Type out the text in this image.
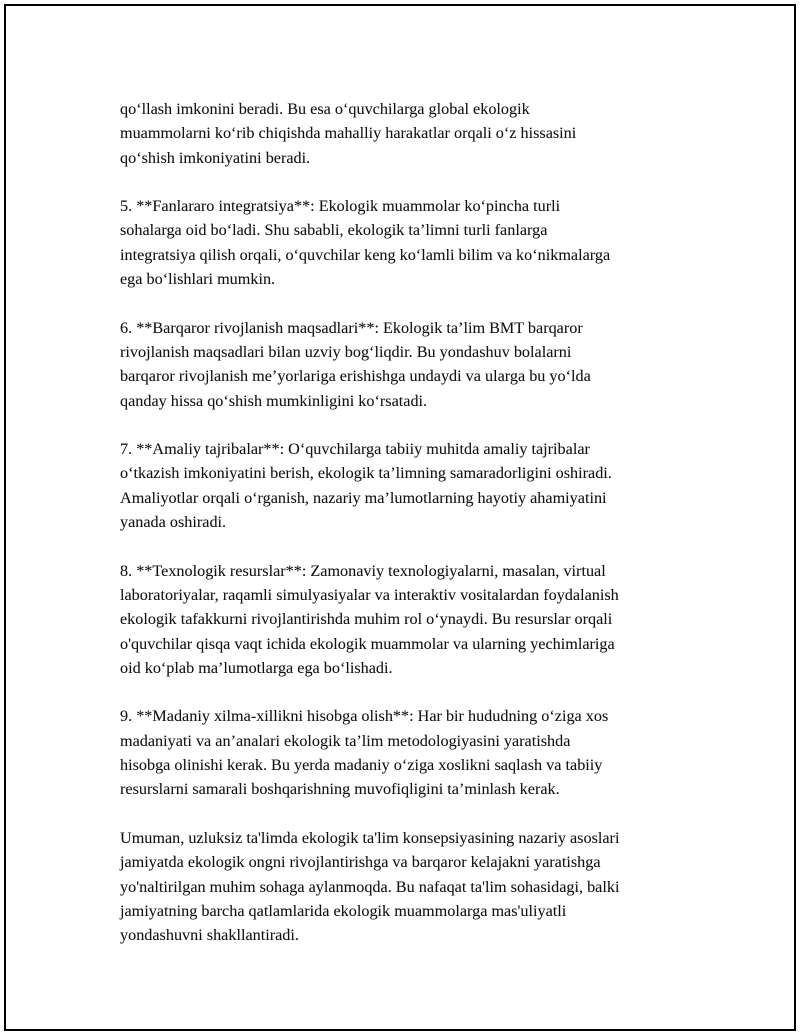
qo‘llash imkonini beradi. Bu esa o‘quvchilarga global ekologik
muammolarni ko‘rib chiqishda mahalliy harakatlar orqali o‘z hissasini
qo‘shish imkoniyatini beradi.

5. **Fanlararo integratsiya**: Ekologik muammolar ko‘pincha turli
sohalarga oid bo‘ladi. Shu sababli, ekologik ta’limni turli fanlarga
integratsiya qilish orqali, o‘quvchilar keng ko‘lamli bilim va ko‘nikmalarga
ega bo‘lishlari mumkin.

6. **Barqaror rivojlanish maqsadlari**: Ekologik ta’lim BMT barqaror
rivojlanish maqsadlari bilan uzviy bog‘liqdir. Bu yondashuv bolalarni
barqaror rivojlanish me’yorlariga erishishga undaydi va ularga bu yo‘lda
qanday hissa qo‘shish mumkinligini ko‘rsatadi.

7. **Amaliy tajribalar**: O‘quvchilarga tabiiy muhitda amaliy tajribalar
o‘tkazish imkoniyatini berish, ekologik ta’limning samaradorligini oshiradi.
Amaliyotlar orqali o‘rganish, nazariy ma’lumotlarning hayotiy ahamiyatini
yanada oshiradi.

8. **Texnologik resurslar**: Zamonaviy texnologiyalarni, masalan, virtual
laboratoriyalar, raqamli simulyasiyalar va interaktiv vositalardan foydalanish
ekologik tafakkurni rivojlantirishda muhim rol o‘ynaydi. Bu resurslar orqali
o'quvchilar qisqa vaqt ichida ekologik muammolar va ularning yechimlariga
oid ko‘plab ma’lumotlarga ega bo‘lishadi.

9. **Madaniy xilma-xillikni hisobga olish**: Har bir hududning o‘ziga xos
madaniyati va an’analari ekologik ta’lim metodologiyasini yaratishda
hisobga olinishi kerak. Bu yerda madaniy o‘ziga xoslikni saqlash va tabiiy
resurslarni samarali boshqarishning muvofiqligini ta’minlash kerak.

Umuman, uzluksiz ta'limda ekologik ta'lim konsepsiyasining nazariy asoslari
jamiyatda ekologik ongni rivojlantirishga va barqaror kelajakni yaratishga
yo'naltirilgan muhim sohaga aylanmoqda. Bu nafaqat ta'lim sohasidagi, balki
jamiyatning barcha qatlamlarida ekologik muammolarga mas'uliyatli
yondashuvni shakllantiradi.
